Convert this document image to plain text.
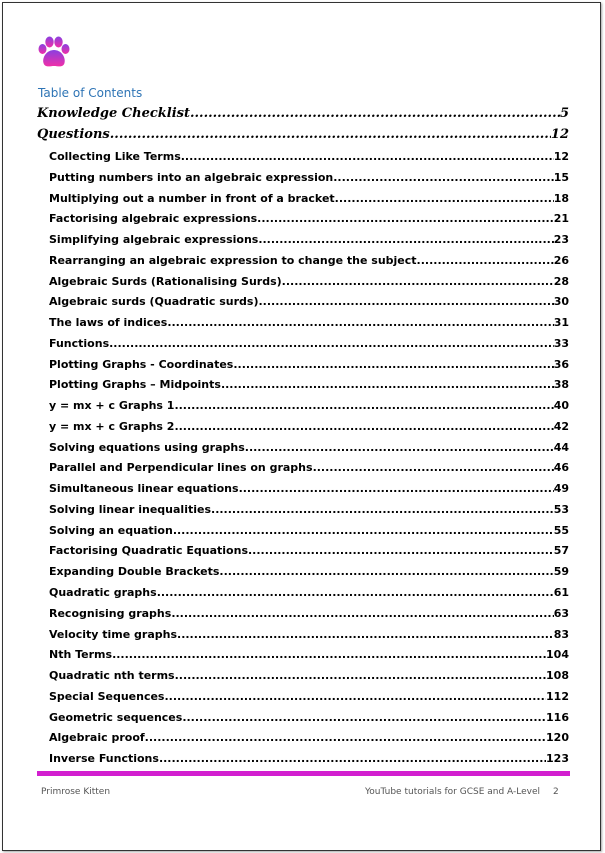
Table of Contents
Knowledge Checklist .....	5
Questions .....	12
Collecting Like Terms .....	12
Putting numbers into an algebraic expression .....	15
Multiplying out a number in front of a bracket .....	18
Factorising algebraic expressions .....	21
Simplifying algebraic expressions .....	23
Rearranging an algebraic expression to change the subject .....	26
Algebraic Surds (Rationalising Surds) .....	28
Algebraic surds (Quadratic surds) .....	30
The laws of indices .....	31
Functions .....	33
Plotting Graphs - Coordinates .....	36
Plotting Graphs – Midpoints .....	38
y = mx + c Graphs 1 .....	40
y = mx + c Graphs 2 .....	42
Solving equations using graphs .....	44
Parallel and Perpendicular lines on graphs .....	46
Simultaneous linear equations .....	49
Solving linear inequalities .....	53
Solving an equation .....	55
Factorising Quadratic Equations .....	57
Expanding Double Brackets .....	59
Quadratic graphs .....	61
Recognising graphs .....	63
Velocity time graphs .....	83
Nth Terms .....	104
Quadratic nth terms .....	108
Special Sequences .....	112
Geometric sequences .....	116
Algebraic proof .....	120
Inverse Functions .....	123
Primrose Kitten	YouTube tutorials for GCSE and A-Level 2
